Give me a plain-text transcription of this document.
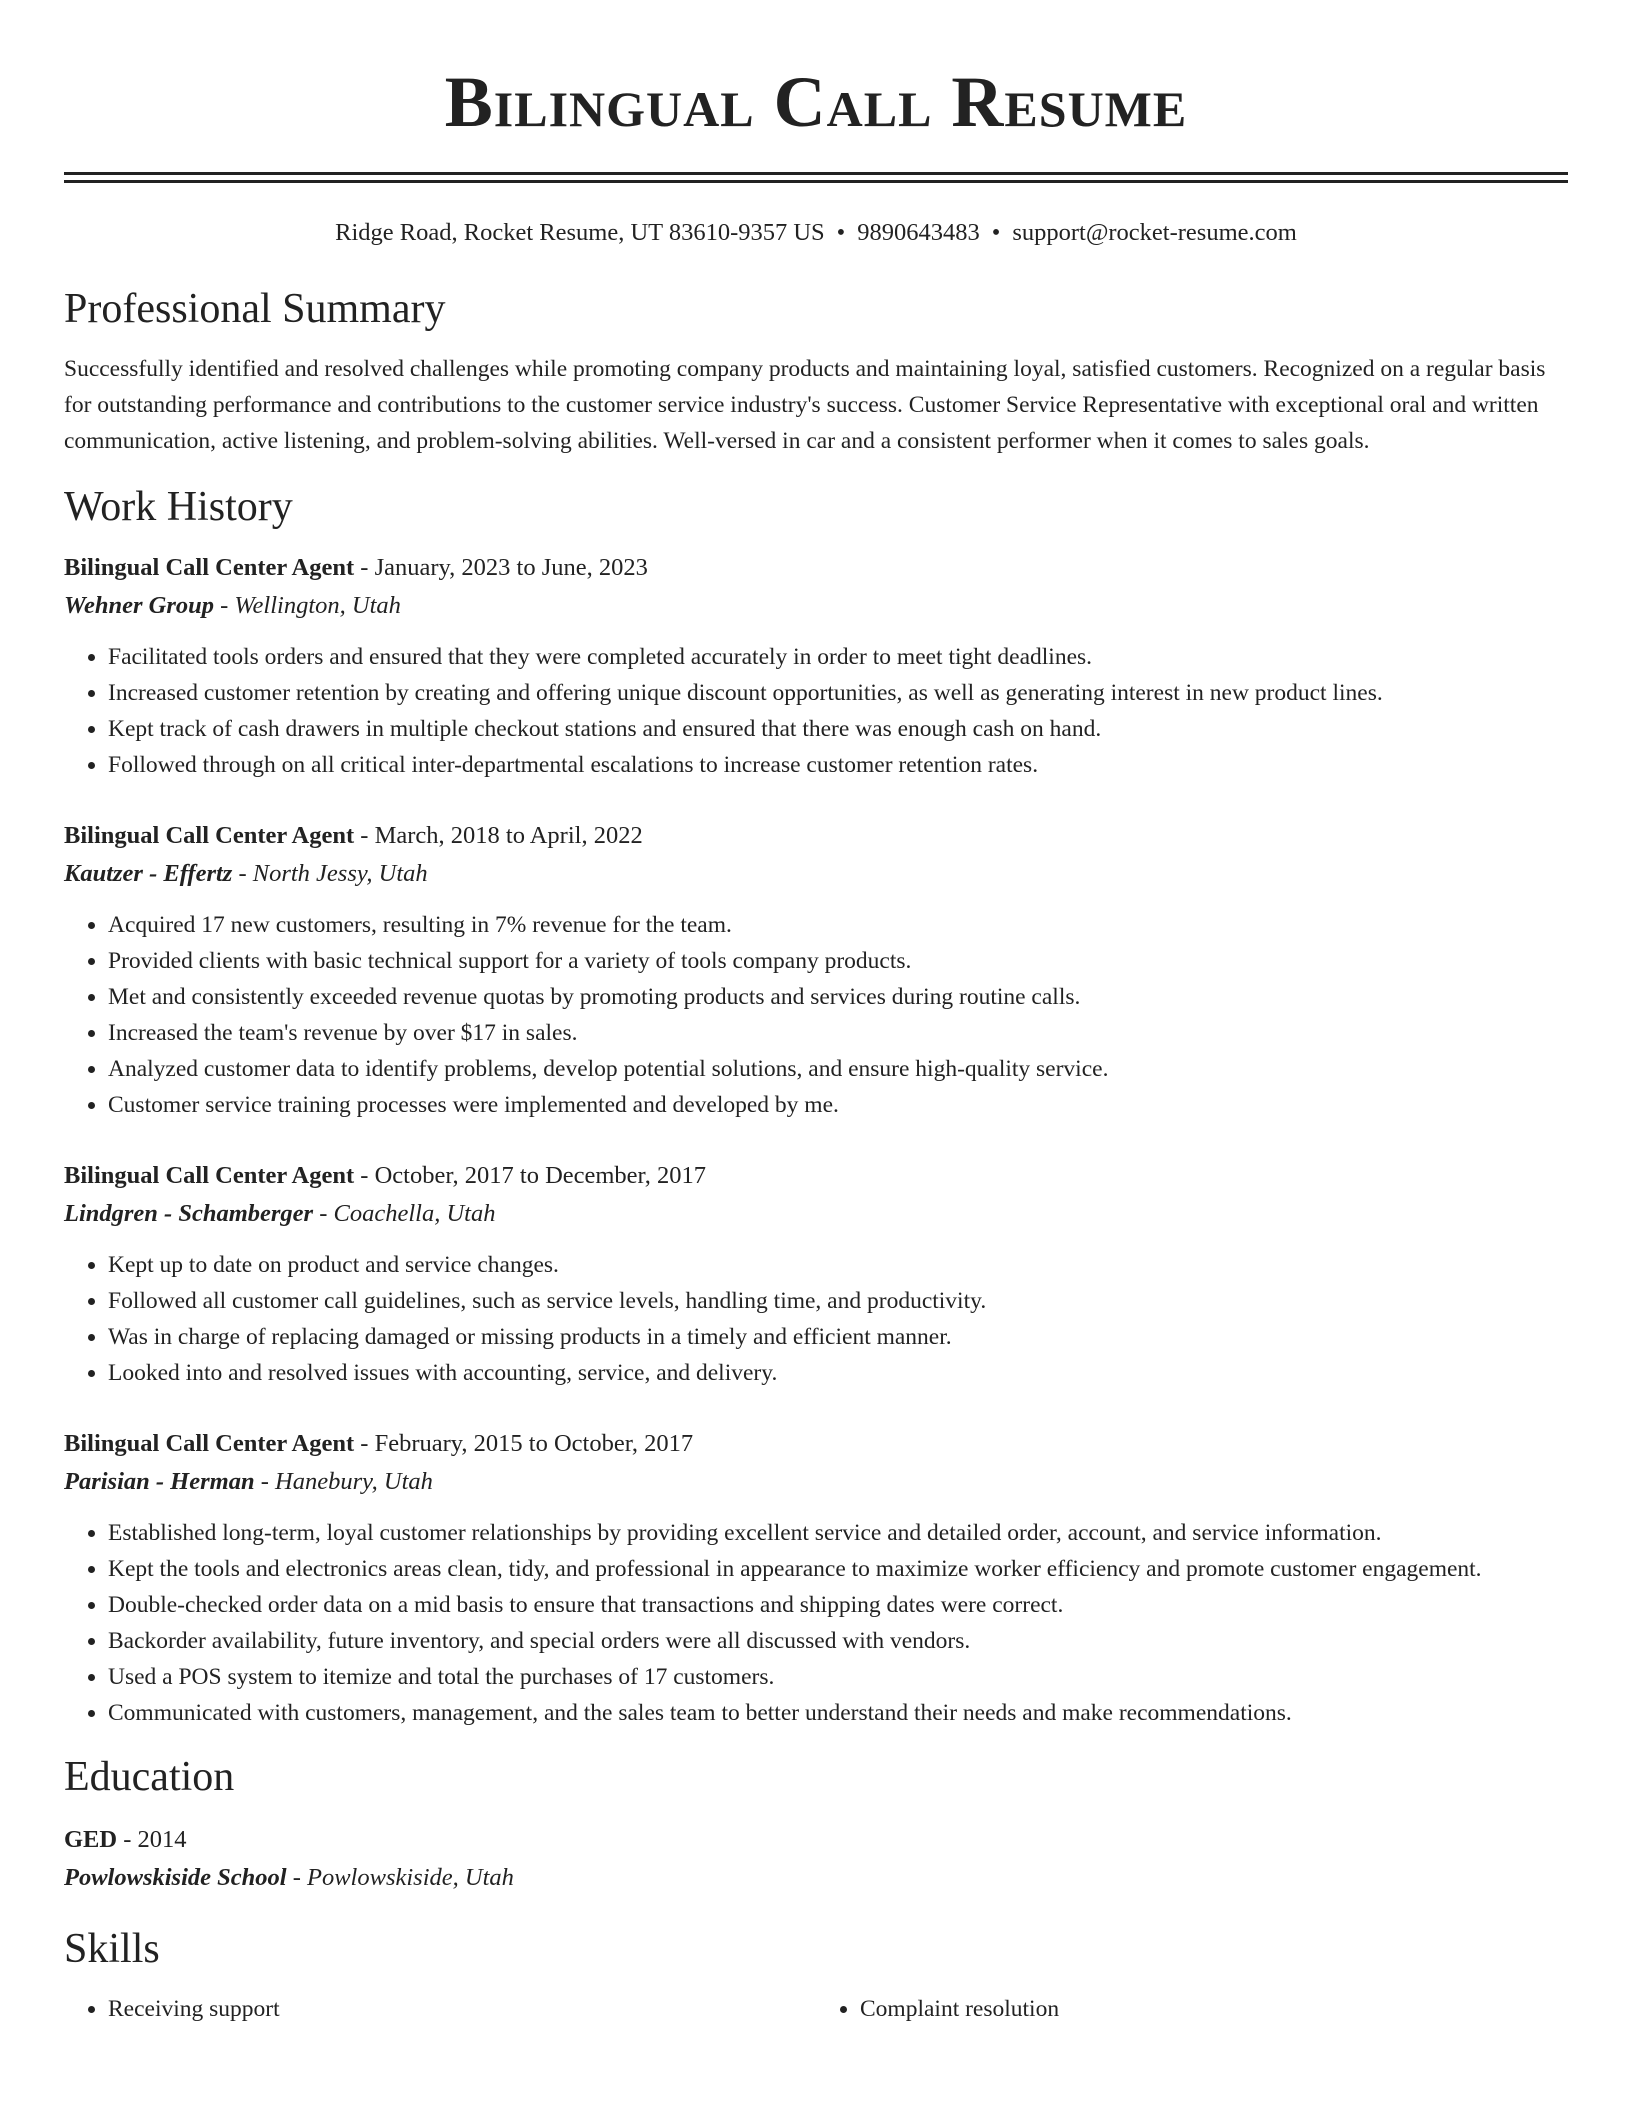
Bilingual Call Resume
Ridge Road, Rocket Resume, UT 83610-9357 US • 9890643483 • support@rocket-resume.com
Professional Summary

Successfully identified and resolved challenges while promoting company products and maintaining loyal, satisfied customers. Recognized on a regular basis for outstanding performance and contributions to the customer service industry's success. Customer Service Representative with exceptional oral and written communication, active listening, and problem-solving abilities. Well-versed in car and a consistent performer when it comes to sales goals.

Work History
Bilingual Call Center Agent - January, 2023 to June, 2023
Wehner Group - Wellington, Utah
• Facilitated tools orders and ensured that they were completed accurately in order to meet tight deadlines.
• Increased customer retention by creating and offering unique discount opportunities, as well as generating interest in new product lines.
• Kept track of cash drawers in multiple checkout stations and ensured that there was enough cash on hand.
• Followed through on all critical inter-departmental escalations to increase customer retention rates.
Bilingual Call Center Agent - March, 2018 to April, 2022
Kautzer - Effertz - North Jessy, Utah
• Acquired 17 new customers, resulting in 7% revenue for the team.
• Provided clients with basic technical support for a variety of tools company products.
• Met and consistently exceeded revenue quotas by promoting products and services during routine calls.
• Increased the team's revenue by over $17 in sales.
• Analyzed customer data to identify problems, develop potential solutions, and ensure high-quality service.
• Customer service training processes were implemented and developed by me.
Bilingual Call Center Agent - October, 2017 to December, 2017
Lindgren - Schamberger - Coachella, Utah
• Kept up to date on product and service changes.
• Followed all customer call guidelines, such as service levels, handling time, and productivity.
• Was in charge of replacing damaged or missing products in a timely and efficient manner.
• Looked into and resolved issues with accounting, service, and delivery.
Bilingual Call Center Agent - February, 2015 to October, 2017
Parisian - Herman - Hanebury, Utah
• Established long-term, loyal customer relationships by providing excellent service and detailed order, account, and service information.
• Kept the tools and electronics areas clean, tidy, and professional in appearance to maximize worker efficiency and promote customer engagement.
• Double-checked order data on a mid basis to ensure that transactions and shipping dates were correct.
• Backorder availability, future inventory, and special orders were all discussed with vendors.
• Used a POS system to itemize and total the purchases of 17 customers.
• Communicated with customers, management, and the sales team to better understand their needs and make recommendations.
Education
GED - 2014
Powlowskiside School - Powlowskiside, Utah
Skills
• Receiving support
•	Complaint resolution
